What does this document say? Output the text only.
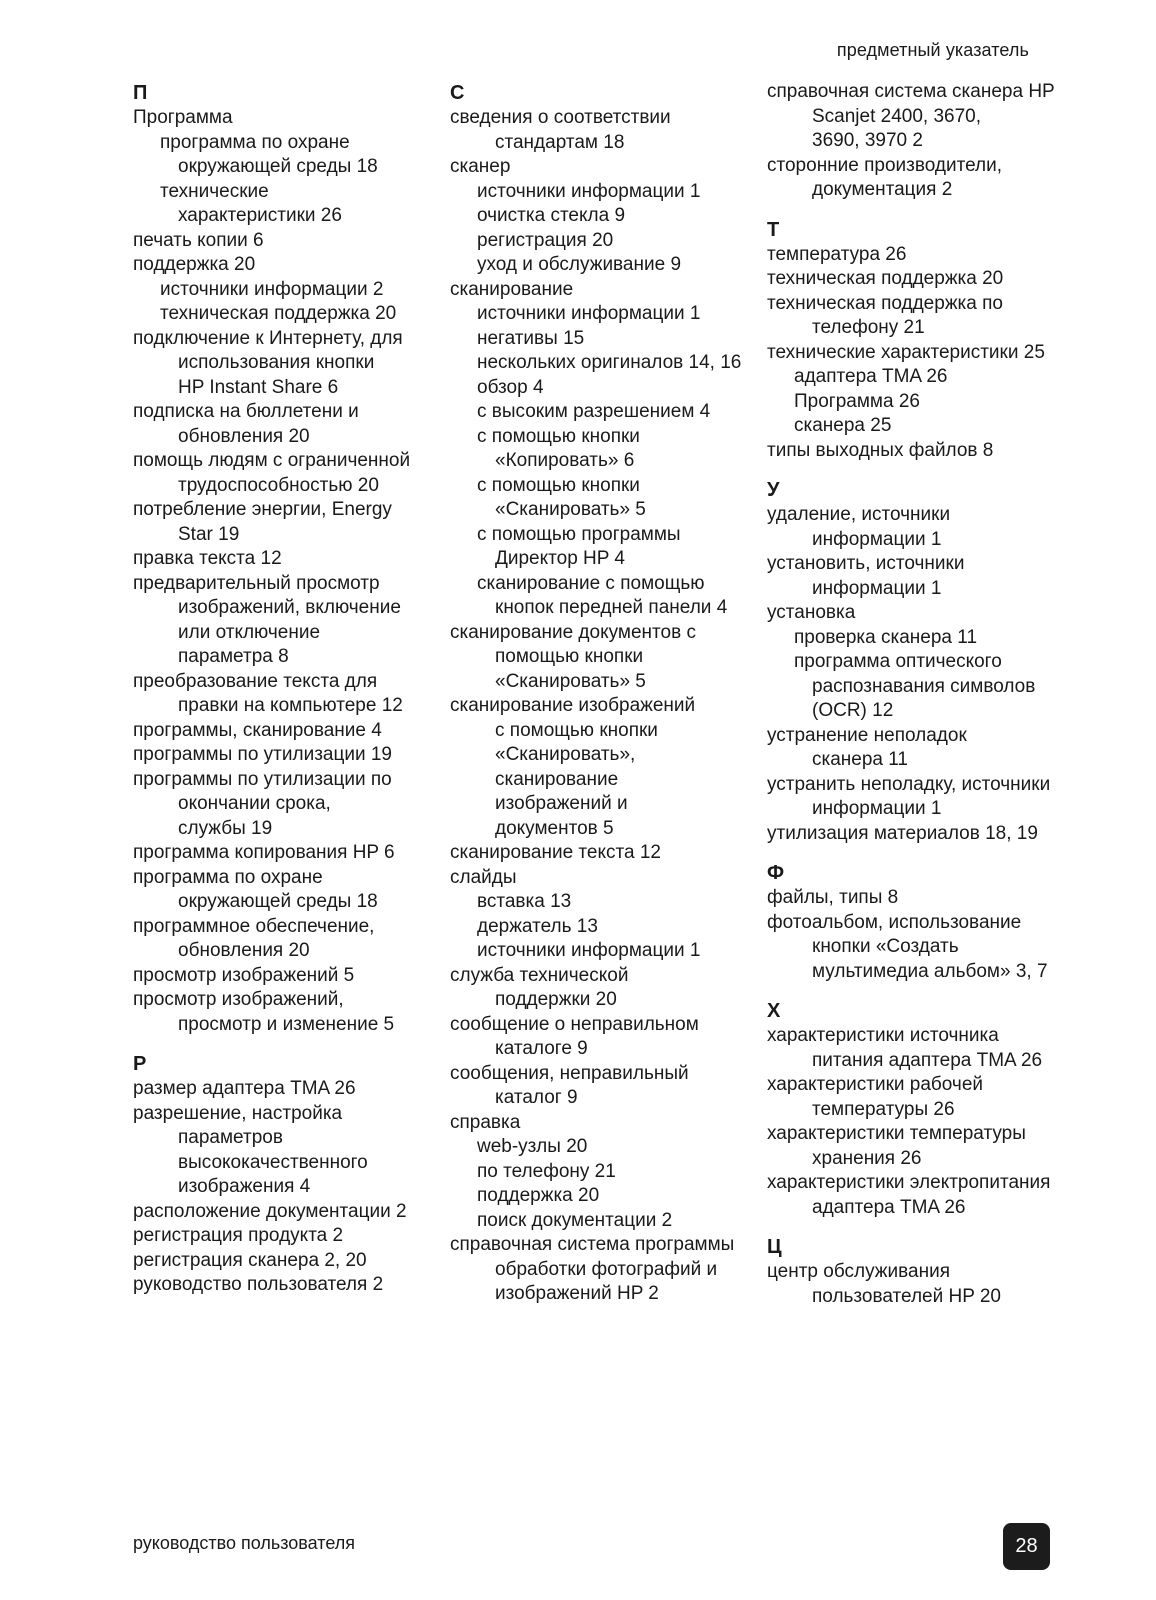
предметный указатель
П
Программа
программа по охране
окружающей среды 18
технические
характеристики 26
печать копии 6
поддержка 20
источники информации 2
техническая поддержка 20
подключение к Интернету, для
использования кнопки
HP Instant Share 6
подписка на бюллетени и
обновления 20
помощь людям с ограниченной
трудоспособностью 20
потребление энергии, Energy
Star 19
правка текста 12
предварительный просмотр
изображений, включение
или отключение
параметра 8
преобразование текста для
правки на компьютере 12
программы, сканирование 4
программы по утилизации 19
программы по утилизации по
окончании срока,
службы 19
программа копирования HP 6
программа по охране
окружающей среды 18
программное обеспечение,
обновления 20
просмотр изображений 5
просмотр изображений,
просмотр и изменение 5
Р
размер адаптера TMA 26
разрешение, настройка
параметров
высококачественного
изображения 4
расположение документации 2
регистрация продукта 2
регистрация сканера 2, 20
руководство пользователя 2
С
сведения о соответствии
стандартам 18
сканер
источники информации 1
очистка стекла 9
регистрация 20
уход и обслуживание 9
сканирование
источники информации 1
негативы 15
нескольких оригиналов 14, 16
обзор 4
с высоким разрешением 4
с помощью кнопки
«Копировать» 6
с помощью кнопки
«Сканировать» 5
с помощью программы
Директор HP 4
сканирование с помощью
кнопок передней панели 4
сканирование документов с
помощью кнопки
«Сканировать» 5
сканирование изображений
с помощью кнопки
«Сканировать»,
сканирование
изображений и
документов 5
сканирование текста 12
слайды
вставка 13
держатель 13
источники информации 1
служба технической
поддержки 20
сообщение о неправильном
каталоге 9
сообщения, неправильный
каталог 9
справка
web-узлы 20
по телефону 21
поддержка 20
поиск документации 2
справочная система программы
обработки фотографий и
изображений HP 2
справочная система сканера HP
Scanjet 2400, 3670,
3690, 3970 2
сторонние производители,
документация 2
Т
температура 26
техническая поддержка 20
техническая поддержка по
телефону 21
технические характеристики 25
адаптера TMA 26
Программа 26
сканера 25
типы выходных файлов 8
У
удаление, источники
информации 1
установить, источники
информации 1
установка
проверка сканера 11
программа оптического
распознавания символов
(OCR) 12
устранение неполадок
сканера 11
устранить неполадку, источники
информации 1
утилизация материалов 18, 19
Ф
файлы, типы 8
фотоальбом, использование
кнопки «Создать
мультимедиа альбом» 3, 7
Х
характеристики источника
питания адаптера TMA 26
характеристики рабочей
температуры 26
характеристики температуры
хранения 26
характеристики электропитания
адаптера TMA 26
Ц
центр обслуживания
пользователей HP 20
руководство пользователя	28
